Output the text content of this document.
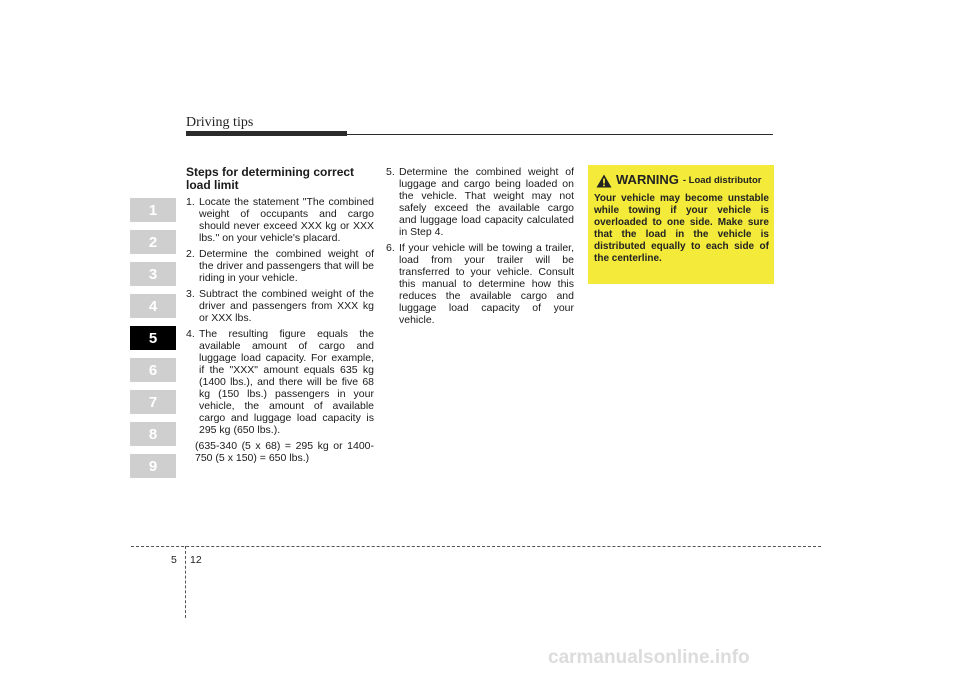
Driving tips
1
2
3
4
5
6
7
8
9
Steps for determining correct load limit

1. Locate the statement "The combined weight of occupants and cargo should never exceed XXX kg or XXX lbs.'' on your vehicle's placard.

2. Determine the combined weight of the driver and passengers that will be riding in your vehicle.

3. Subtract the combined weight of the driver and passengers from XXX kg or XXX lbs.

4. The resulting figure equals the available amount of cargo and luggage load capacity. For example, if the "XXX" amount equals 635 kg (1400 lbs.), and there will be five 68 kg (150 lbs.) passengers in your vehicle, the amount of available cargo and luggage load capacity is 295 kg (650 lbs.).

(635-340 (5 x 68) = 295 kg or 1400-750 (5 x 150) = 650 lbs.)

5. Determine the combined weight of luggage and cargo being loaded on the vehicle. That weight may not safely exceed the available cargo and luggage load capacity calculated in Step 4.

6. If your vehicle will be towing a trailer, load from your trailer will be transferred to your vehicle. Consult this manual to determine how this reduces the available cargo and luggage load capacity of your vehicle.

WARNING - Load distributor

Your vehicle may become unstable while towing if your vehicle is overloaded to one side. Make sure that the load in the vehicle is distributed equally to each side of the centerline.

5 12
carmanualsonline.info
